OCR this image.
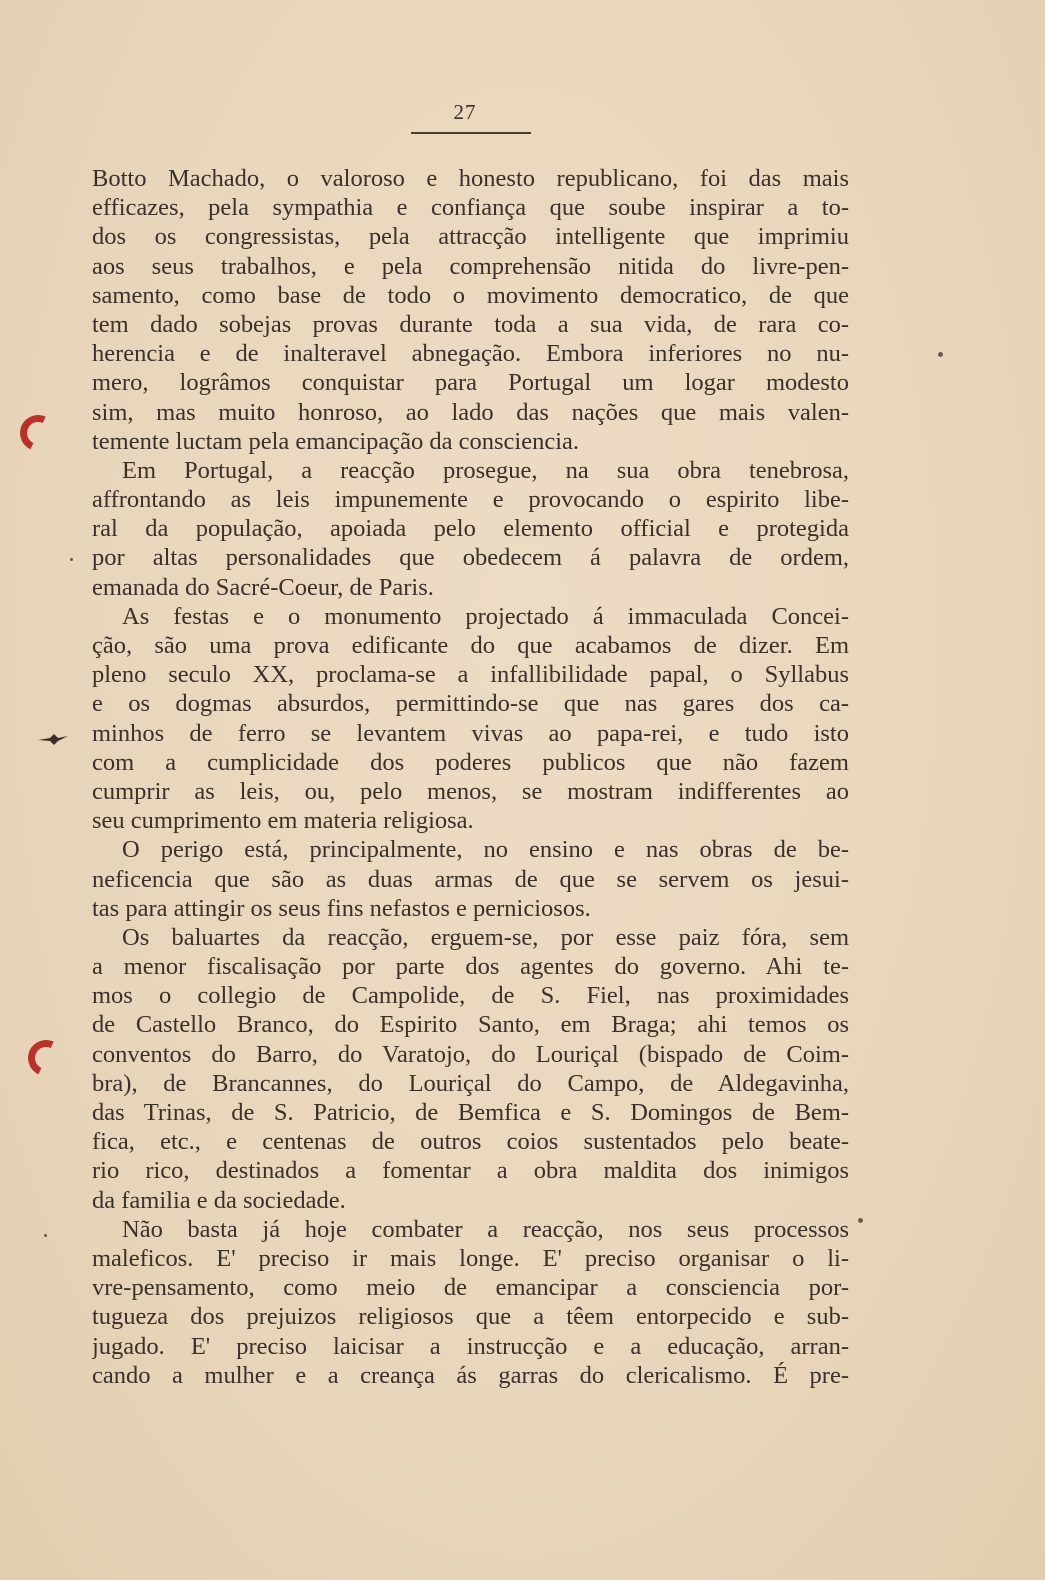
27
Botto Machado, o valoroso e honesto republicano, foi das mais
efficazes, pela sympathia e confiança que soube inspirar a to-
dos os congressistas, pela attracção intelligente que imprimiu
aos seus trabalhos, e pela comprehensão nitida do livre-pen-
samento, como base de todo o movimento democratico, de que
tem dado sobejas provas durante toda a sua vida, de rara co-
herencia e de inalteravel abnegação. Embora inferiores no nu-
mero, logrâmos conquistar para Portugal um logar modesto
sim, mas muito honroso, ao lado das nações que mais valen-
temente luctam pela emancipação da consciencia.
Em Portugal, a reacção prosegue, na sua obra tenebrosa,
affrontando as leis impunemente e provocando o espirito libe-
ral da população, apoiada pelo elemento official e protegida
por altas personalidades que obedecem á palavra de ordem,
emanada do Sacré-Coeur, de Paris.
As festas e o monumento projectado á immaculada Concei-
ção, são uma prova edificante do que acabamos de dizer. Em
pleno seculo XX, proclama-se a infallibilidade papal, o Syllabus
e os dogmas absurdos, permittindo-se que nas gares dos ca-
minhos de ferro se levantem vivas ao papa-rei, e tudo isto
com a cumplicidade dos poderes publicos que não fazem
cumprir as leis, ou, pelo menos, se mostram indifferentes ao
seu cumprimento em materia religiosa.
O perigo está, principalmente, no ensino e nas obras de be-
neficencia que são as duas armas de que se servem os jesui-
tas para attingir os seus fins nefastos e perniciosos.
Os baluartes da reacção, erguem-se, por esse paiz fóra, sem
a menor fiscalisação por parte dos agentes do governo. Ahi te-
mos o collegio de Campolide, de S. Fiel, nas proximidades
de Castello Branco, do Espirito Santo, em Braga; ahi temos os
conventos do Barro, do Varatojo, do Louriçal (bispado de Coim-
bra), de Brancannes, do Louriçal do Campo, de Aldegavinha,
das Trinas, de S. Patricio, de Bemfica e S. Domingos de Bem-
fica, etc., e centenas de outros coios sustentados pelo beate-
rio rico, destinados a fomentar a obra maldita dos inimigos
da familia e da sociedade.
Não basta já hoje combater a reacção, nos seus processos
maleficos. E' preciso ir mais longe. E' preciso organisar o li-
vre-pensamento, como meio de emancipar a consciencia por-
tugueza dos prejuizos religiosos que a têem entorpecido e sub-
jugado. E' preciso laicisar a instrucção e a educação, arran-
cando a mulher e a creança ás garras do clericalismo. É pre-
